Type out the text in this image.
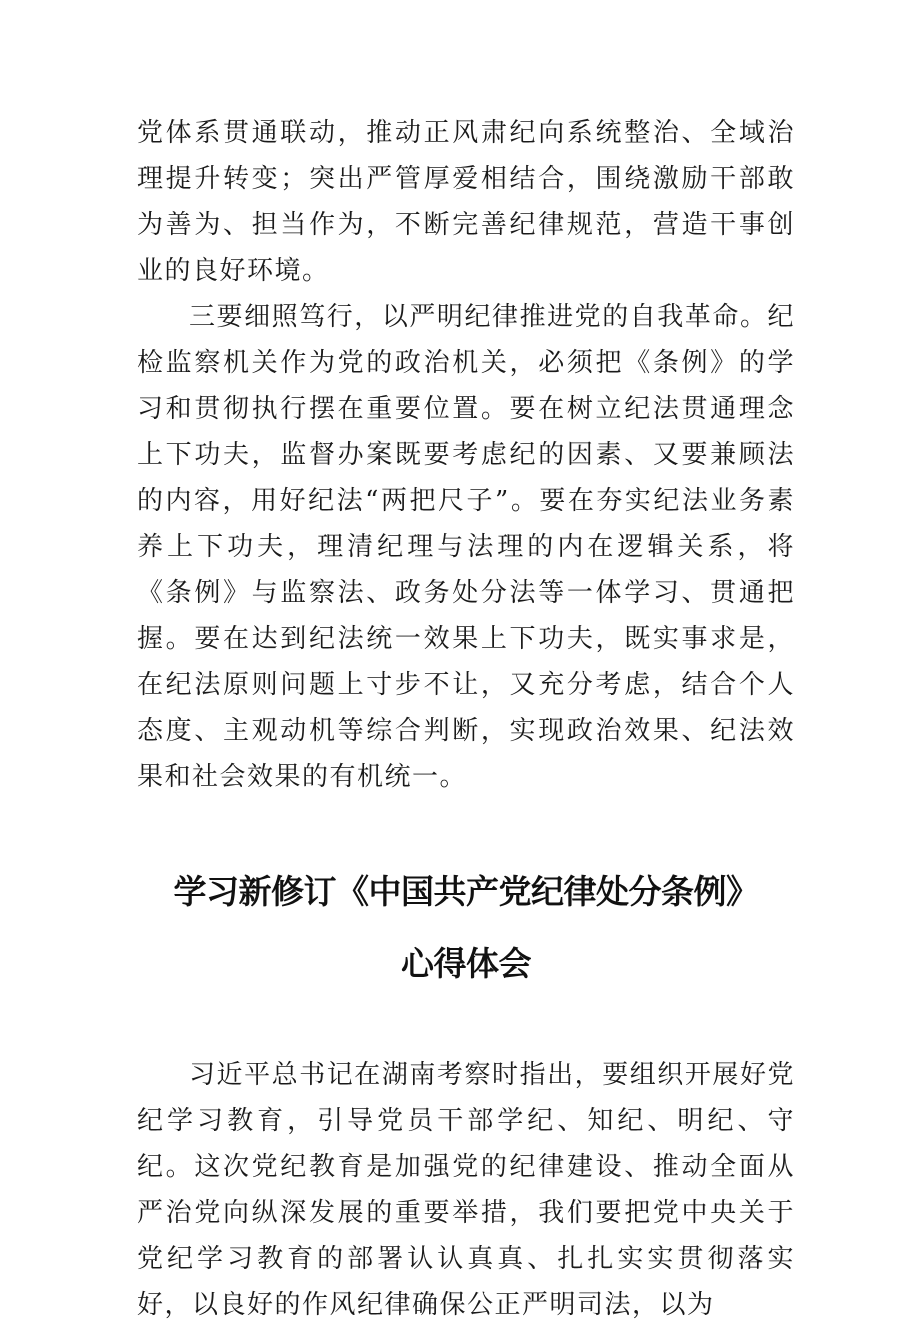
党体系贯通联动，推动正风肃纪向系统整治、全域治理提升转变；突出严管厚爱相结合，围绕激励干部敢为善为、担当作为，不断完善纪律规范，营造干事创业的良好环境。

三要细照笃行，以严明纪律推进党的自我革命。纪检监察机关作为党的政治机关，必须把《条例》的学习和贯彻执行摆在重要位置。要在树立纪法贯通理念上下功夫，监督办案既要考虑纪的因素、又要兼顾法的内容，用好纪法“两把尺子”。要在夯实纪法业务素养上下功夫，理清纪理与法理的内在逻辑关系，将《条例》与监察法、政务处分法等一体学习、贯通把握。要在达到纪法统一效果上下功夫，既实事求是，在纪法原则问题上寸步不让，又充分考虑，结合个人态度、主观动机等综合判断，实现政治效果、纪法效果和社会效果的有机统一。

学习新修订《中国共产党纪律处分条例》

心得体会

习近平总书记在湖南考察时指出，要组织开展好党纪学习教育，引导党员干部学纪、知纪、明纪、守纪。这次党纪教育是加强党的纪律建设、推动全面从严治党向纵深发展的重要举措，我们要把党中央关于党纪学习教育的部署认认真真、扎扎实实贯彻落实好，以良好的作风纪律确保公正严明司法，以为
